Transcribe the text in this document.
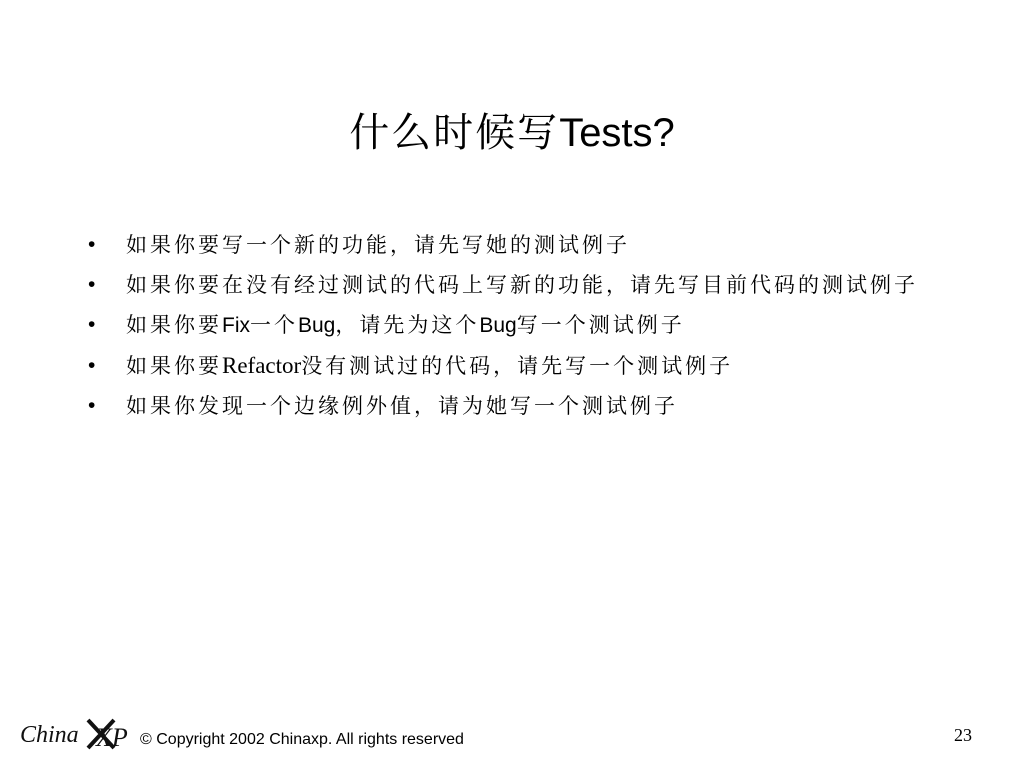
什么时候写Tests?
• 如果你要写一个新的功能，请先写她的测试例子
• 如果你要在没有经过测试的代码上写新的功能，请先写目前代码的测试例子
• 如果你要Fix一个Bug，请先为这个Bug写一个测试例子
• 如果你要Refactor没有测试过的代码，请先写一个测试例子
• 如果你发现一个边缘例外值，请为她写一个测试例子
China XP © Copyright 2002 Chinaxp. All rights reserved	23
